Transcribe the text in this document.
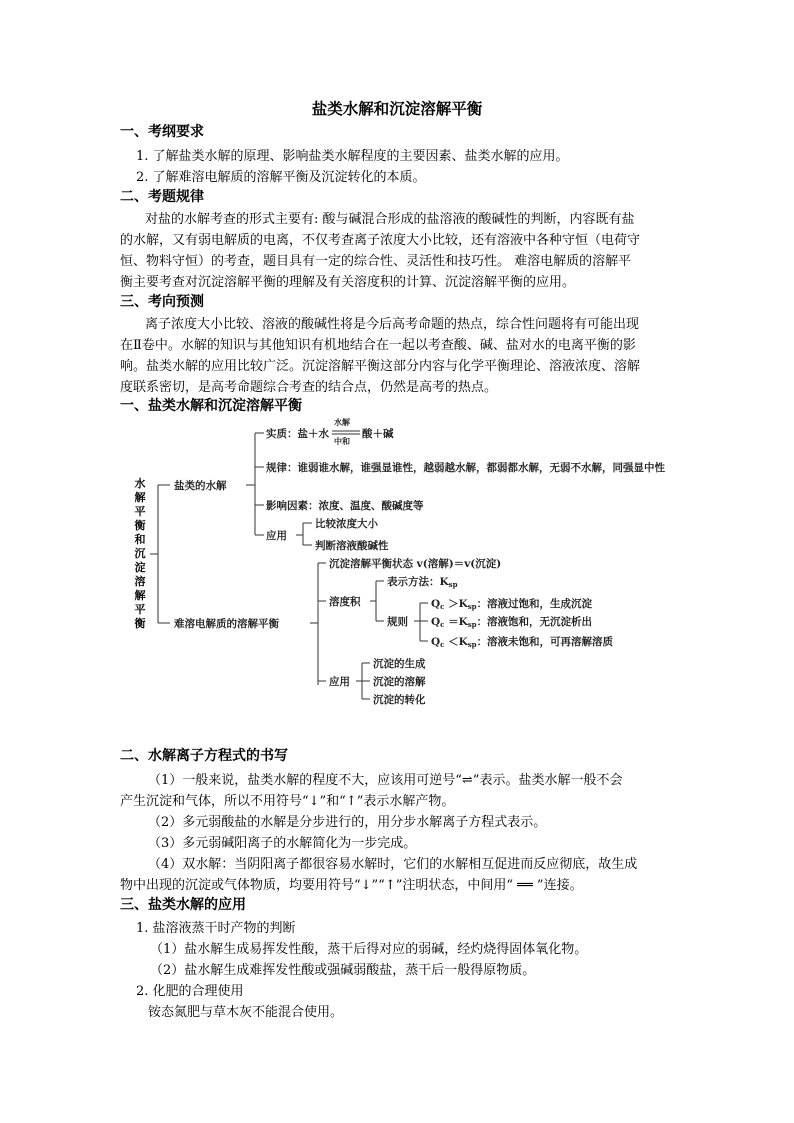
盐类水解和沉淀溶解平衡
一、考纲要求
1. 了解盐类水解的原理、影响盐类水解程度的主要因素、盐类水解的应用。
2. 了解难溶电解质的溶解平衡及沉淀转化的本质。
二、考题规律
对盐的水解考查的形式主要有: 酸与碱混合形成的盐溶液的酸碱性的判断，内容既有盐
的水解，又有弱电解质的电离，不仅考查离子浓度大小比较，还有溶液中各种守恒（电荷守
恒、物料守恒）的考查，题目具有一定的综合性、灵活性和技巧性。 难溶电解质的溶解平
衡主要考查对沉淀溶解平衡的理解及有关溶度积的计算、沉淀溶解平衡的应用。
三、考向预测
离子浓度大小比较、溶液的酸碱性将是今后高考命题的热点，综合性问题将有可能出现
在Ⅱ卷中。水解的知识与其他知识有机地结合在一起以考查酸、碱、盐对水的电离平衡的影
响。盐类水解的应用比较广泛。沉淀溶解平衡这部分内容与化学平衡理论、溶液浓度、溶解
度联系密切，是高考命题综合考查的结合点，仍然是高考的热点。
一、盐类水解和沉淀溶解平衡
水
解
平
衡
和
沉
淀
溶
解
平
衡
盐类的水解
实质：盐＋水
水解
中和
酸＋碱
规律：谁弱谁水解，谁强显谁性，越弱越水解，都弱都水解，无弱不水解，同强显中性
影响因素：浓度、温度、酸碱度等
应用
比较浓度大小
判断溶液酸碱性
难溶电解质的溶解平衡
沉淀溶解平衡状态 v(溶解)＝v(沉淀)
溶度积
表示方法：$K_{sp}$
规则
$Q_c >K_{sp}$：溶液过饱和，生成沉淀
$Q_c =K_{sp}$：溶液饱和，无沉淀析出
$Q_c <K_{sp}$：溶液未饱和，可再溶解溶质
应用
沉淀的生成
沉淀的溶解
沉淀的转化
二、水解离子方程式的书写
（1）一般来说，盐类水解的程度不大，应该用可逆号“⇌”表示。盐类水解一般不会
产生沉淀和气体，所以不用符号“↓”和“↑”表示水解产物。
（2）多元弱酸盐的水解是分步进行的，用分步水解离子方程式表示。
（3）多元弱碱阳离子的水解简化为一步完成。
（4）双水解：当阴阳离子都很容易水解时，它们的水解相互促进而反应彻底，故生成
物中出现的沉淀或气体物质，均要用符号“↓”“↑”注明状态，中间用“ ══ ”连接。
三、盐类水解的应用
1. 盐溶液蒸干时产物的判断
（1）盐水解生成易挥发性酸，蒸干后得对应的弱碱，经灼烧得固体氧化物。
（2）盐水解生成难挥发性酸或强碱弱酸盐，蒸干后一般得原物质。
2. 化肥的合理使用
铵态氮肥与草木灰不能混合使用。
